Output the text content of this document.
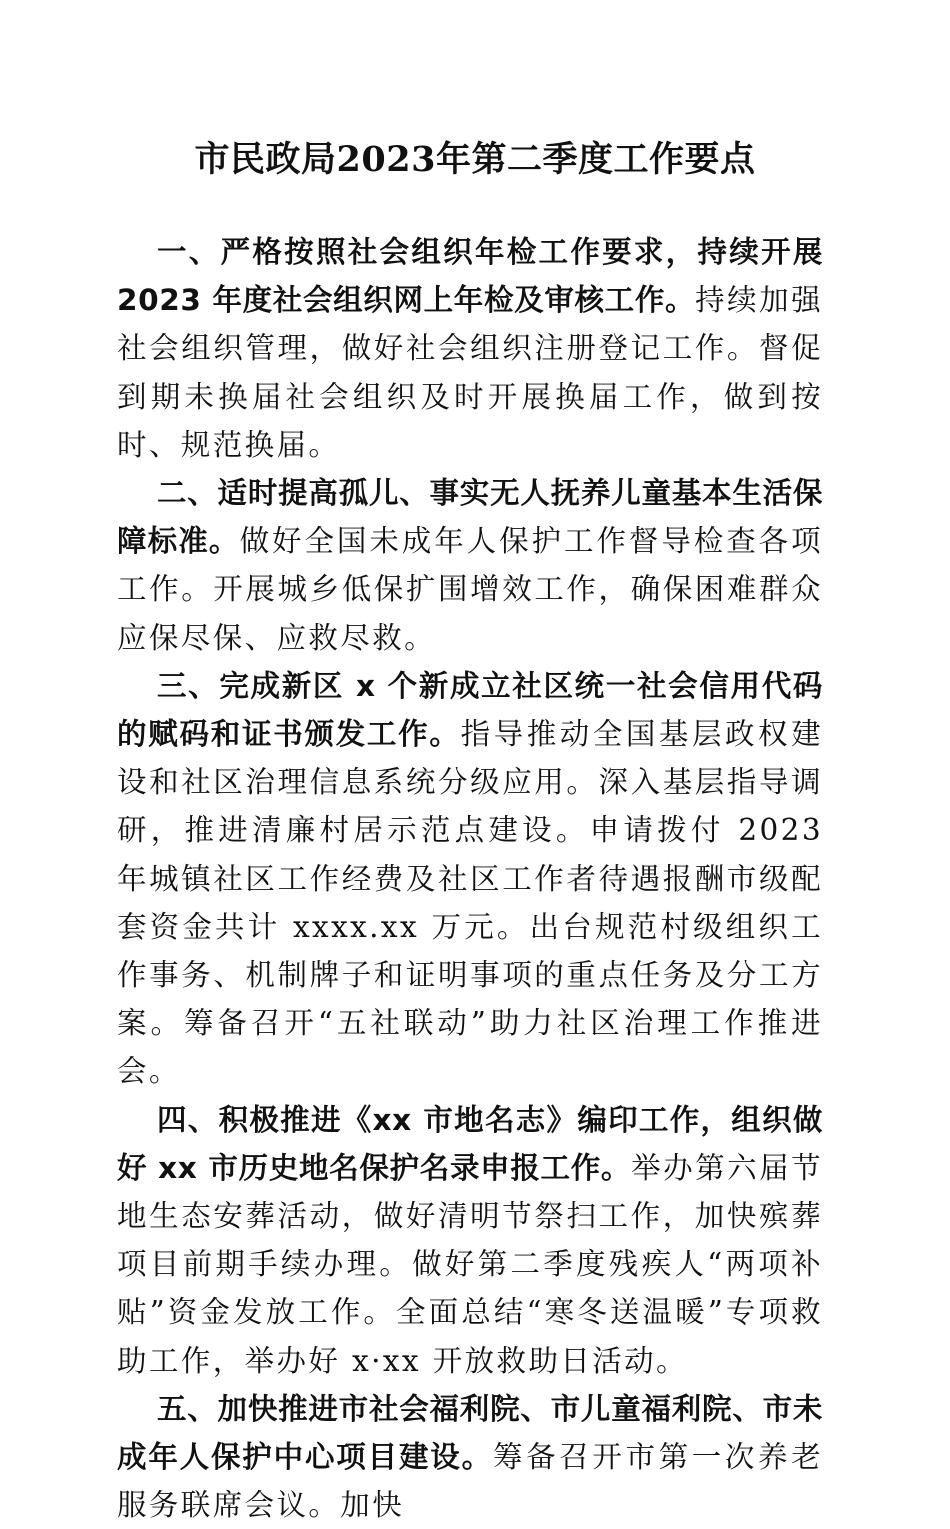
市民政局2023年第二季度工作要点

一、严格按照社会组织年检工作要求，持续开展 2023 年度社会组织网上年检及审核工作。持续加强社会组织管理，做好社会组织注册登记工作。督促到期未换届社会组织及时开展换届工作，做到按时、规范换届。

二、适时提高孤儿、事实无人抚养儿童基本生活保障标准。做好全国未成年人保护工作督导检查各项工作。开展城乡低保扩围增效工作，确保困难群众应保尽保、应救尽救。

三、完成新区 x 个新成立社区统一社会信用代码的赋码和证书颁发工作。指导推动全国基层政权建设和社区治理信息系统分级应用。深入基层指导调研，推进清廉村居示范点建设。申请拨付 2023 年城镇社区工作经费及社区工作者待遇报酬市级配套资金共计 xxxx.xx 万元。出台规范村级组织工作事务、机制牌子和证明事项的重点任务及分工方案。筹备召开“五社联动”助力社区治理工作推进会。

四、积极推进《xx 市地名志》编印工作，组织做好 xx 市历史地名保护名录申报工作。举办第六届节地生态安葬活动，做好清明节祭扫工作，加快殡葬项目前期手续办理。做好第二季度残疾人“两项补贴”资金发放工作。全面总结“寒冬送温暖”专项救助工作，举办好 x·xx 开放救助日活动。

五、加快推进市社会福利院、市儿童福利院、市未成年人保护中心项目建设。筹备召开市第一次养老服务联席会议。加快
